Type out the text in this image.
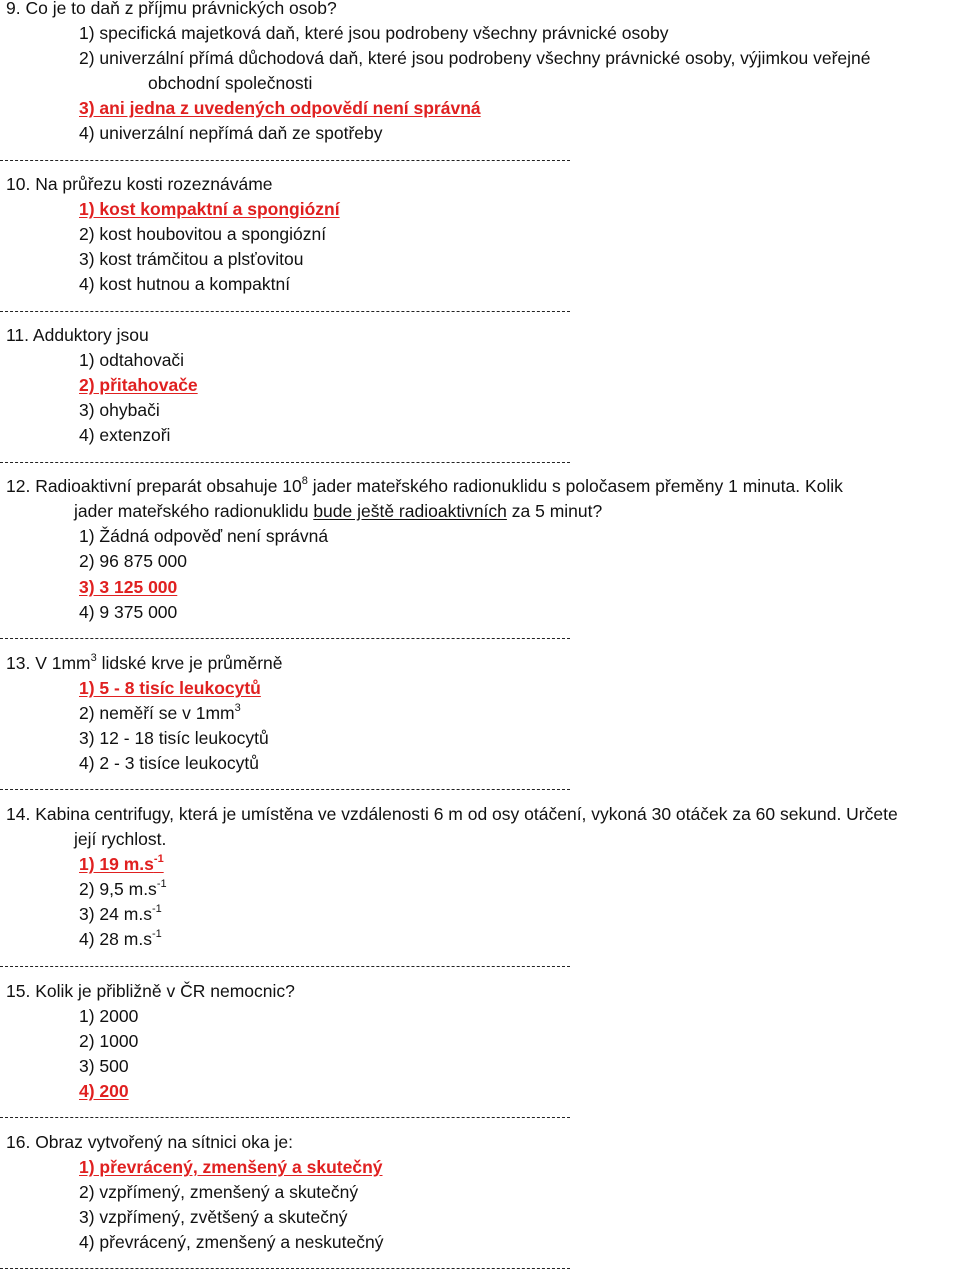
9. Co je to daň z příjmu právnických osob?
1) specifická majetková daň, které jsou podrobeny všechny právnické osoby
2) univerzální přímá důchodová daň, které jsou podrobeny všechny právnické osoby, výjimkou veřejné
obchodní společnosti
3) ani jedna z uvedených odpovědí není správná
4) univerzální nepřímá daň ze spotřeby
10. Na průřezu kosti rozeznáváme
1) kost kompaktní a spongiózní
2) kost houbovitou a spongiózní
3) kost trámčitou a plsťovitou
4) kost hutnou a kompaktní
11. Adduktory jsou
1) odtahovači
2) přitahovače
3) ohybači
4) extenzoři
12. Radioaktivní preparát obsahuje $10^8$ jader mateřského radionuklidu s poločasem přeměny 1 minuta. Kolik
jader mateřského radionuklidu bude ještě radioaktivních za 5 minut?
1) Žádná odpověď není správná
2) 96 875 000
3) 3 125 000
4) 9 375 000
13. V $1mm^3$ lidské krve je průměrně
1) 5 - 8 tisíc leukocytů
2) neměří se v $1mm^3$
3) 12 - 18 tisíc leukocytů
4) 2 - 3 tisíce leukocytů
14. Kabina centrifugy, která je umístěna ve vzdálenosti 6 m od osy otáčení, vykoná 30 otáček za 60 sekund. Určete
její rychlost.
1) 19 $m.s^{-1}$
2) 9,5 $m.s^{-1}$
3) 24 $m.s^{-1}$
4) 28 $m.s^{-1}$
15. Kolik je přibližně v ČR nemocnic?
1) 2000
2) 1000
3) 500
4) 200
16. Obraz vytvořený na sítnici oka je:
1) převrácený, zmenšený a skutečný
2) vzpřímený, zmenšený a skutečný
3) vzpřímený, zvětšený a skutečný
4) převrácený, zmenšený a neskutečný
